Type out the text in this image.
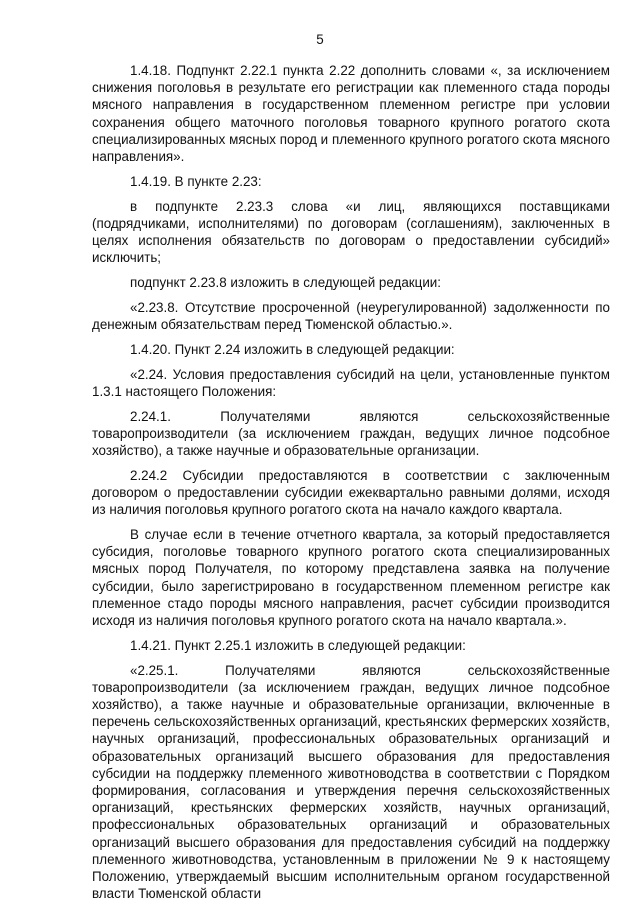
5

1.4.18. Подпункт 2.22.1 пункта 2.22 дополнить словами «, за исключением снижения поголовья в результате его регистрации как племенного стада породы мясного направления в государственном племенном регистре при условии сохранения общего маточного поголовья товарного крупного рогатого скота специализированных мясных пород и племенного крупного рогатого скота мясного направления».

1.4.19. В пункте 2.23:

в подпункте 2.23.3 слова «и лиц, являющихся поставщиками (подрядчиками, исполнителями) по договорам (соглашениям), заключенных в целях исполнения обязательств по договорам о предоставлении субсидий» исключить;

подпункт 2.23.8 изложить в следующей редакции:

«2.23.8. Отсутствие просроченной (неурегулированной) задолженности по денежным обязательствам перед Тюменской областью.».

1.4.20. Пункт 2.24 изложить в следующей редакции:

«2.24. Условия предоставления субсидий на цели, установленные пунктом 1.3.1 настоящего Положения:

2.24.1. Получателями являются сельскохозяйственные товаропроизводители (за исключением граждан, ведущих личное подсобное хозяйство), а также научные и образовательные организации.

2.24.2 Субсидии предоставляются в соответствии с заключенным договором о предоставлении субсидии ежеквартально равными долями, исходя из наличия поголовья крупного рогатого скота на начало каждого квартала.

В случае если в течение отчетного квартала, за который предоставляется субсидия, поголовье товарного крупного рогатого скота специализированных мясных пород Получателя, по которому представлена заявка на получение субсидии, было зарегистрировано в государственном племенном регистре как племенное стадо породы мясного направления, расчет субсидии производится исходя из наличия поголовья крупного рогатого скота на начало квартала.».

1.4.21. Пункт 2.25.1 изложить в следующей редакции:

«2.25.1. Получателями являются сельскохозяйственные товаропроизводители (за исключением граждан, ведущих личное подсобное хозяйство), а также научные и образовательные организации, включенные в перечень сельскохозяйственных организаций, крестьянских фермерских хозяйств, научных организаций, профессиональных образовательных организаций и образовательных организаций высшего образования для предоставления субсидии на поддержку племенного животноводства в соответствии с Порядком формирования, согласования и утверждения перечня сельскохозяйственных организаций, крестьянских фермерских хозяйств, научных организаций, профессиональных образовательных организаций и образовательных организаций высшего образования для предоставления субсидий на поддержку племенного животноводства, установленным в приложении № 9 к настоящему Положению, утверждаемый высшим исполнительным органом государственной власти Тюменской области
